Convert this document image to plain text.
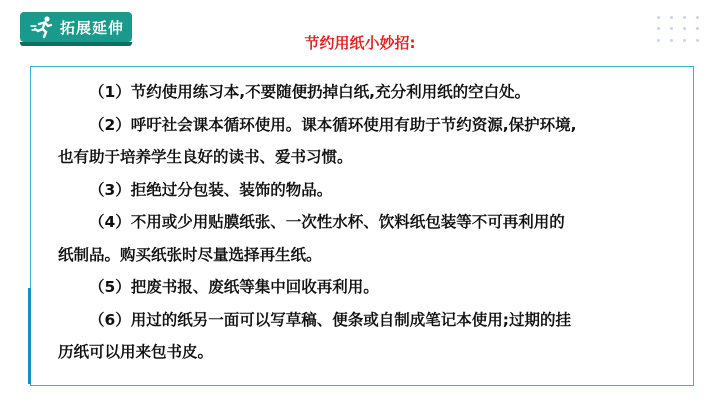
拓展延伸
节约用纸小妙招:

（1）节约使用练习本,不要随便扔掉白纸,充分利用纸的空白处。

（2）呼吁社会课本循环使用。课本循环使用有助于节约资源,保护环境,

也有助于培养学生良好的读书、爱书习惯。

（3）拒绝过分包装、装饰的物品。

（4）不用或少用贴膜纸张、一次性水杯、饮料纸包装等不可再利用的

纸制品。购买纸张时尽量选择再生纸。

（5）把废书报、废纸等集中回收再利用。

（6）用过的纸另一面可以写草稿、便条或自制成笔记本使用;过期的挂

历纸可以用来包书皮。
